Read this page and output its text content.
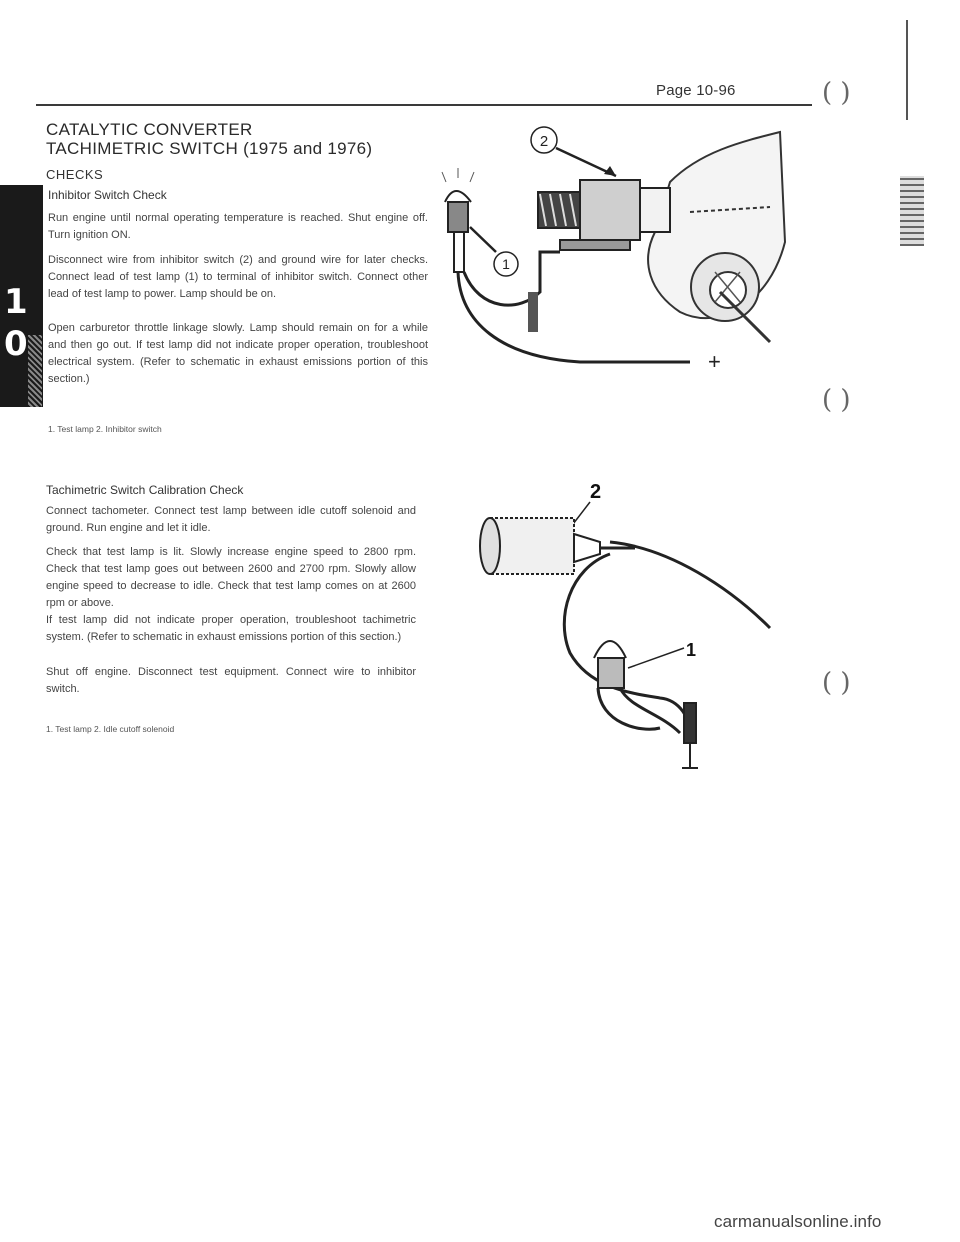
Page 10-96	( )
( )
( )
CATALYTIC CONVERTER
TACHIMETRIC SWITCH (1975 and 1976)
CHECKS
1
0
Inhibitor Switch Check
Run engine until normal operating temperature is reached. Shut engine off. Turn ignition ON.
Disconnect wire from inhibitor switch (2) and ground wire for later checks. Connect lead of test lamp (1) to terminal of inhibitor switch. Connect other lead of test lamp to power. Lamp should be on.
Open carburetor throttle linkage slowly. Lamp should remain on for a while and then go out. If test lamp did not indicate proper operation, troubleshoot electrical system. (Refer to schematic in exhaust emissions portion of this section.)
1. Test lamp 2. Inhibitor switch
2
1
+
Tachimetric Switch Calibration Check
Connect tachometer. Connect test lamp between idle cutoff solenoid and ground. Run engine and let it idle.
Check that test lamp is lit. Slowly increase engine speed to 2800 rpm. Check that test lamp goes out between 2600 and 2700 rpm. Slowly allow engine speed to decrease to idle. Check that test lamp comes on at 2600 rpm or above.
If test lamp did not indicate proper operation, troubleshoot tachimetric system. (Refer to schematic in exhaust emissions portion of this section.)
Shut off engine. Disconnect test equipment. Connect wire to inhibitor switch.
1. Test lamp 2. Idle cutoff solenoid
2
1
carmanualsonline.info
